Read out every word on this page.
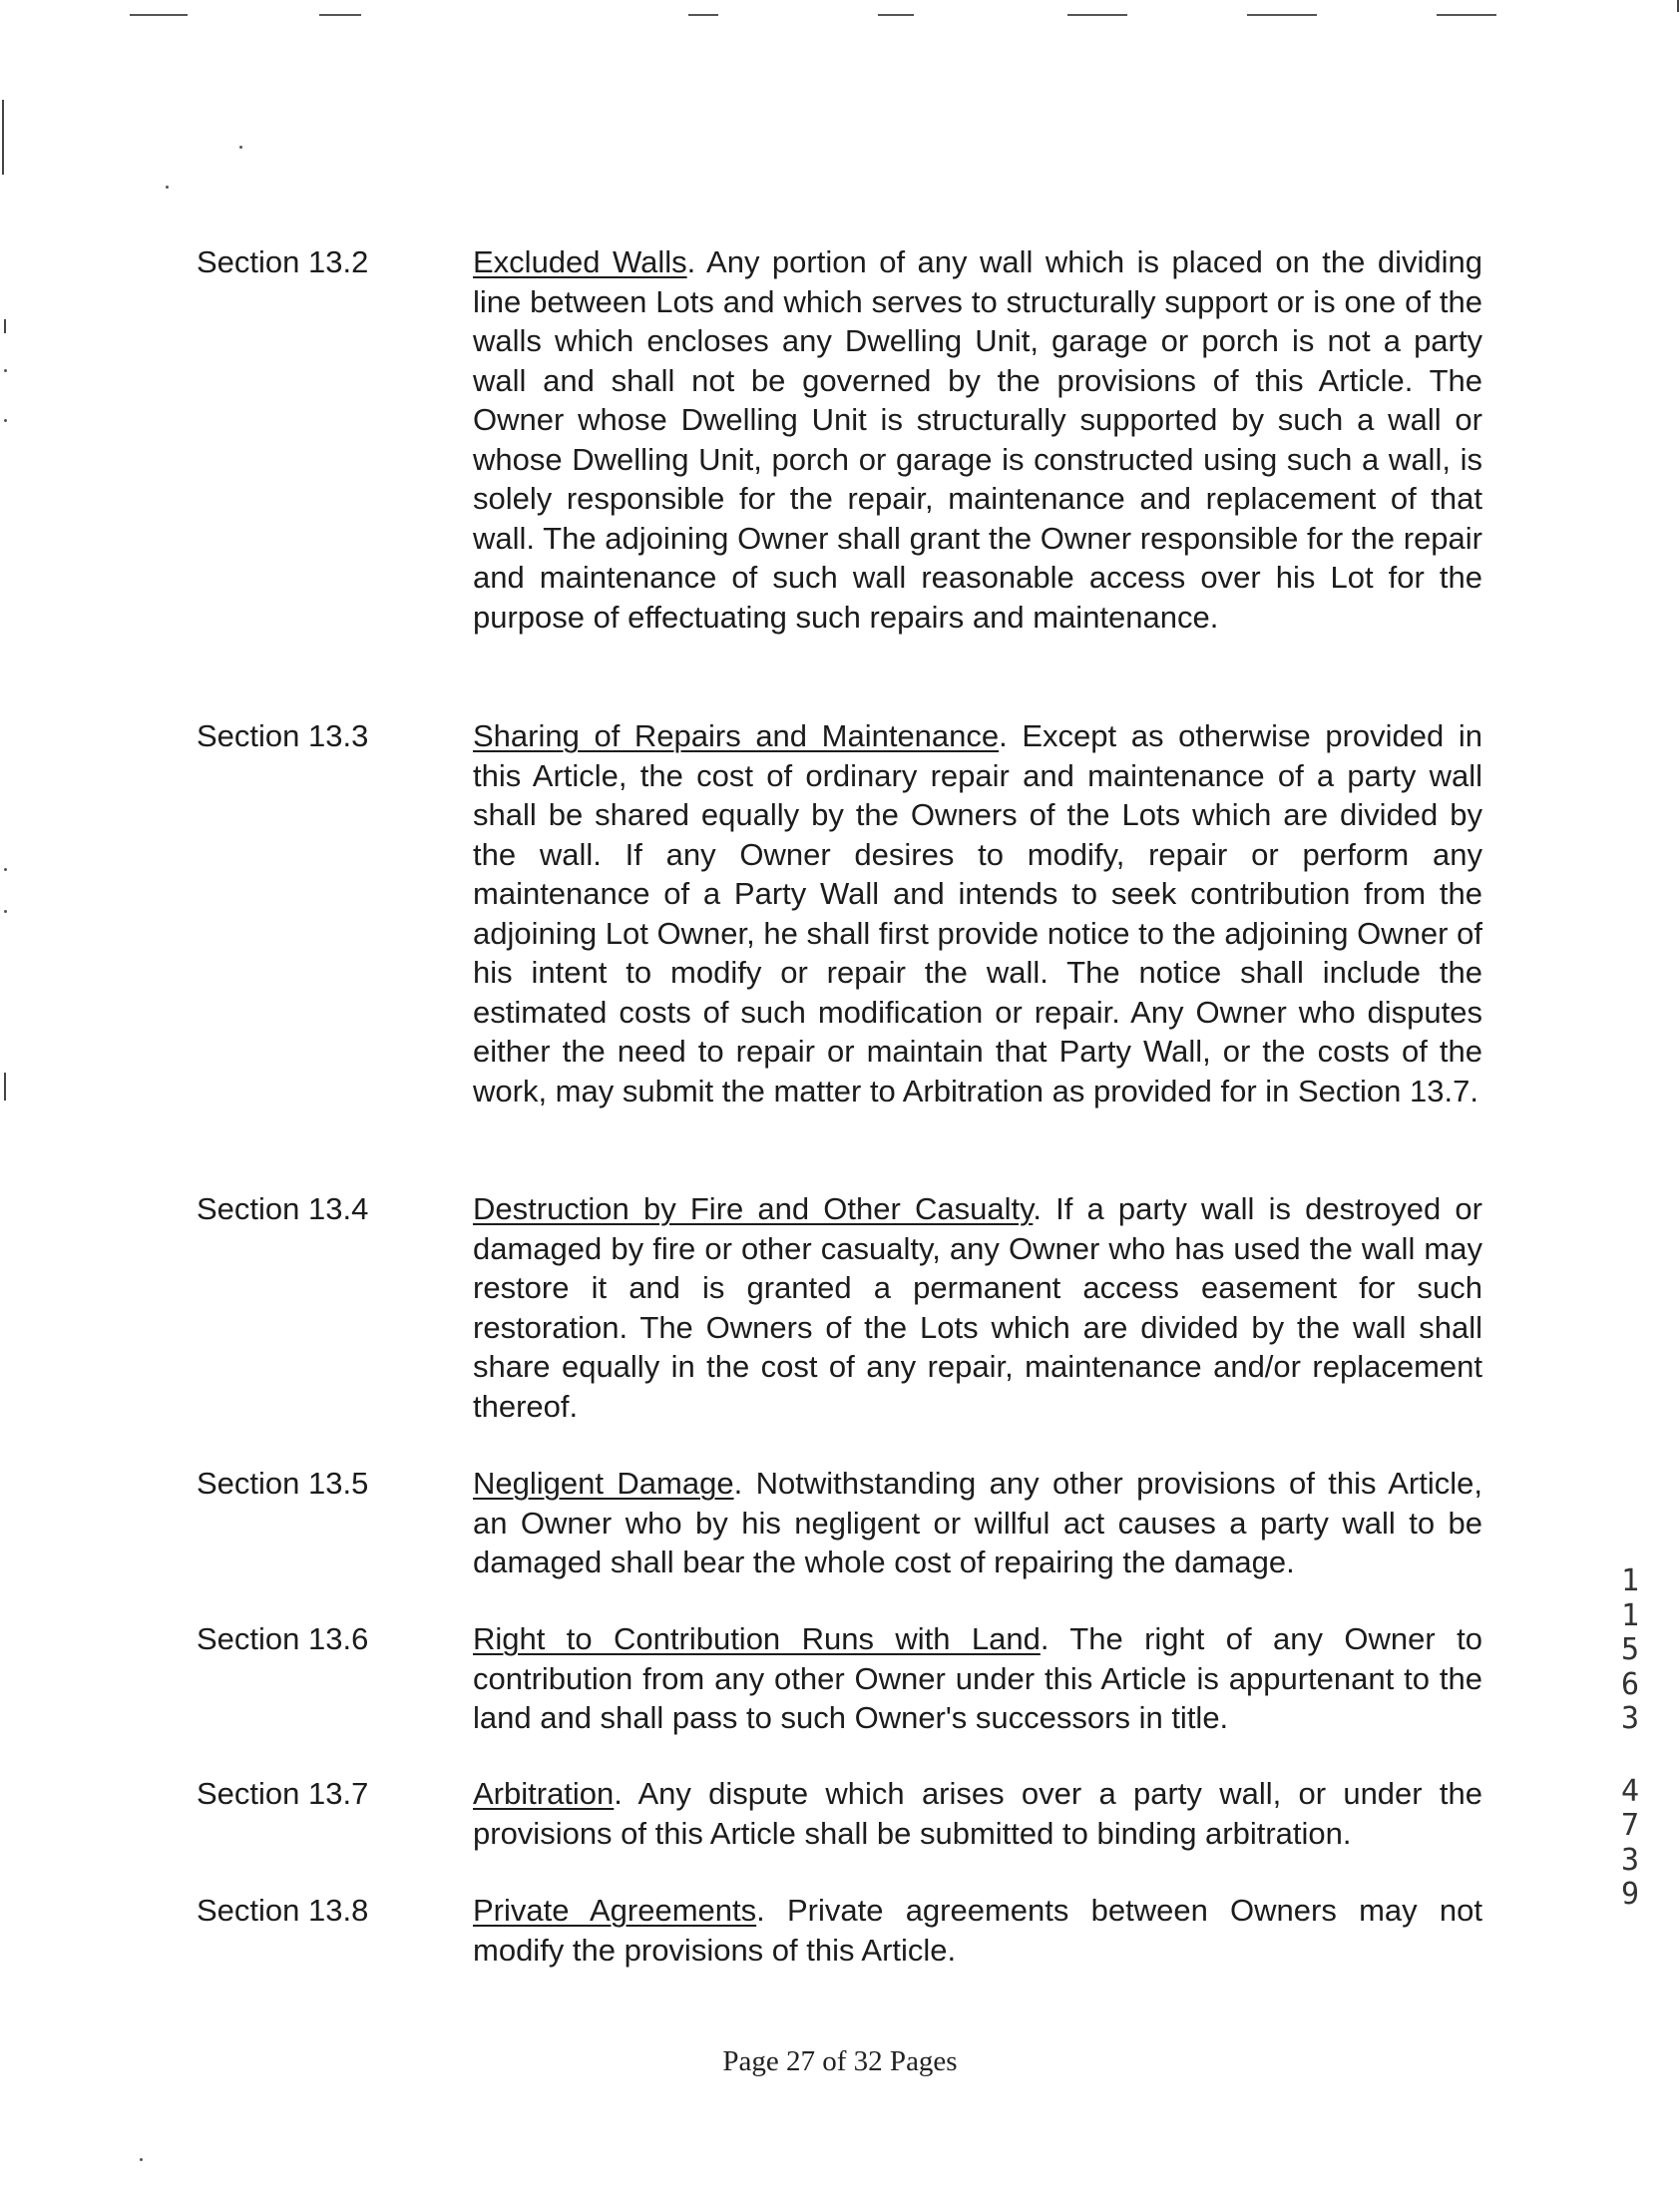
Section 13.2	Excluded Walls. Any portion of any wall which is placed on the dividing line between Lots and which serves to structurally support or is one of the walls which encloses any Dwelling Unit, garage or porch is not a party wall and shall not be governed by the provisions of this Article. The Owner whose Dwelling Unit is structurally supported by such a wall or whose Dwelling Unit, porch or garage is constructed using such a wall, is solely responsible for the repair, maintenance and replacement of that wall. The adjoining Owner shall grant the Owner responsible for the repair and maintenance of such wall reasonable access over his Lot for the purpose of effectuating such repairs and maintenance.
Section 13.3	Sharing of Repairs and Maintenance. Except as otherwise provided in this Article, the cost of ordinary repair and maintenance of a party wall shall be shared equally by the Owners of the Lots which are divided by the wall. If any Owner desires to modify, repair or perform any maintenance of a Party Wall and intends to seek contribution from the adjoining Lot Owner, he shall first provide notice to the adjoining Owner of his intent to modify or repair the wall. The notice shall include the estimated costs of such modification or repair. Any Owner who disputes either the need to repair or maintain that Party Wall, or the costs of the work, may submit the matter to Arbitration as provided for in Section 13.7.
Section 13.4	Destruction by Fire and Other Casualty. If a party wall is destroyed or damaged by fire or other casualty, any Owner who has used the wall may restore it and is granted a permanent access easement for such restoration. The Owners of the Lots which are divided by the wall shall share equally in the cost of any repair, maintenance and/or replacement thereof.
Section 13.5	Negligent Damage. Notwithstanding any other provisions of this Article, an Owner who by his negligent or willful act causes a party wall to be damaged shall bear the whole cost of repairing the damage.
Section 13.6	Right to Contribution Runs with Land. The right of any Owner to contribution from any other Owner under this Article is appurtenant to the land and shall pass to such Owner's successors in title.
Section 13.7	Arbitration. Any dispute which arises over a party wall, or under the provisions of this Article shall be submitted to binding arbitration.
Section 13.8	Private Agreements. Private agreements between Owners may not modify the provisions of this Article.
Page 27 of 32 Pages
1
1
5
6
3
4
7
3
9
